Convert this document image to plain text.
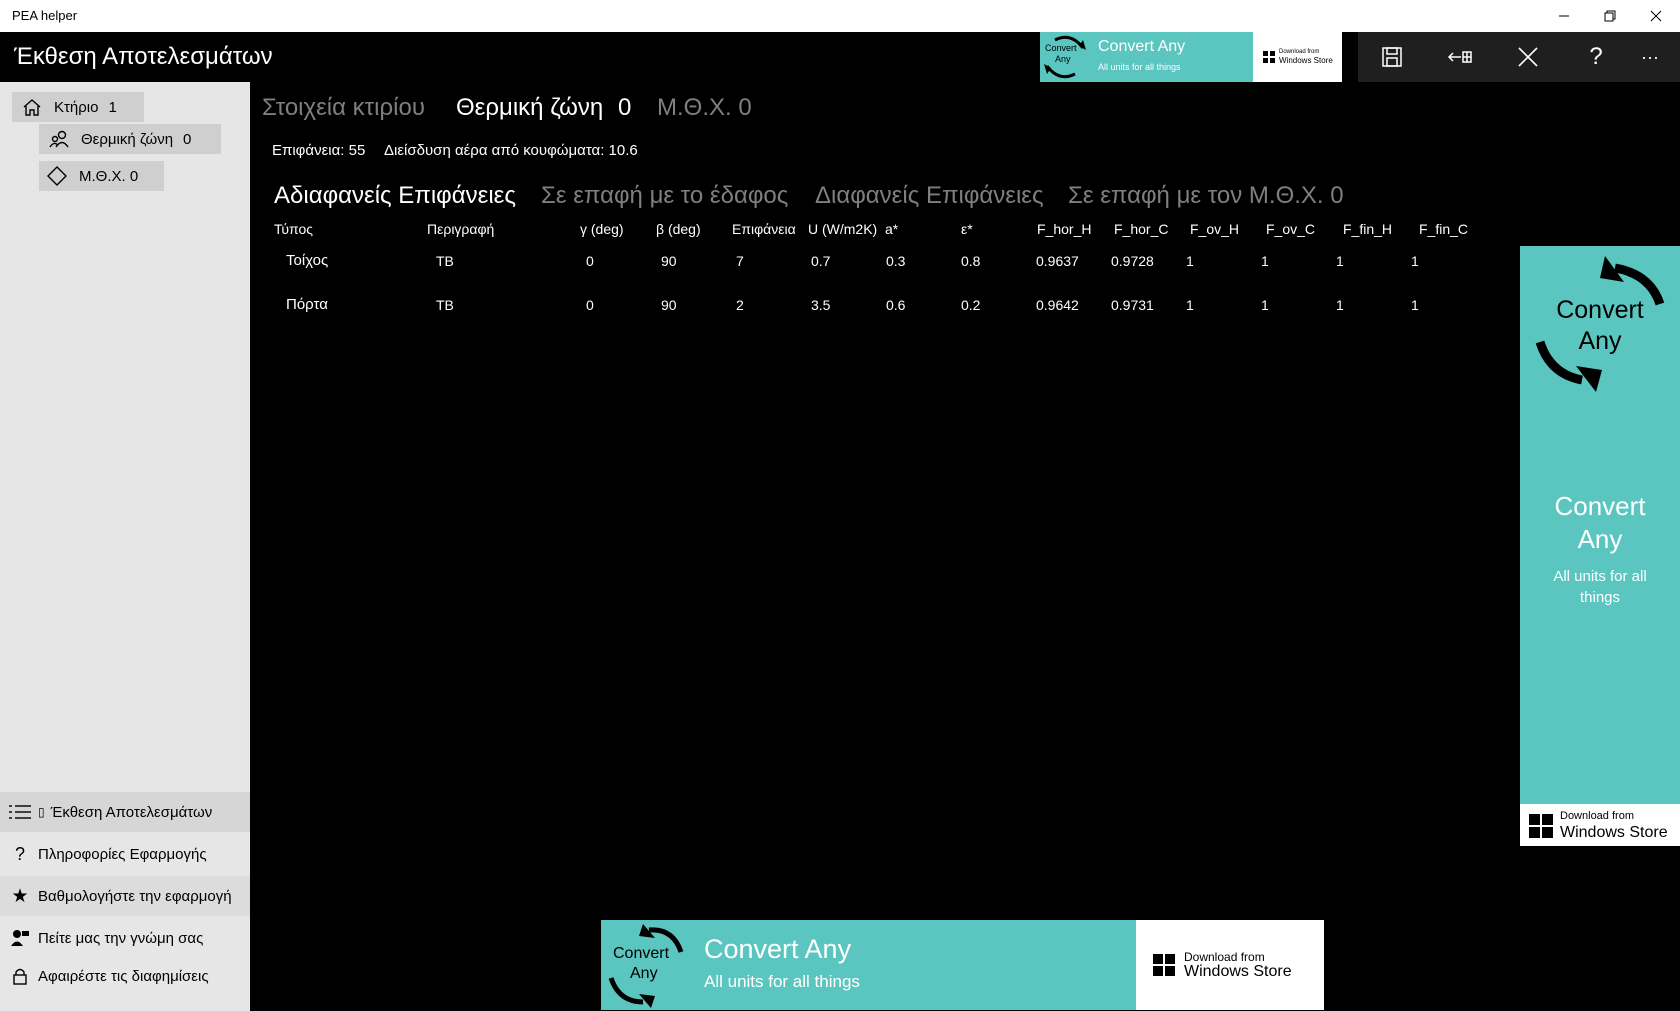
PEA helper
Έκθεση Αποτελεσμάτων	? ···
Convert
Any
Convert Any
All units for all things
Download from
Windows Store
Κτήριο 1
Θερμική ζώνη 0
Μ.Θ.Χ. 0
▯ Έκθεση Αποτελεσμάτων
? Πληροφορίες Εφαρμογής
★ Βαθμολογήστε την εφαρμογή
Πείτε μας την γνώμη σας
Αφαιρέστε τις διαφημίσεις
Στοιχεία κτιρίου Θερμική ζώνη 0 Μ.Θ.Χ. 0
Επιφάνεια: 55 Διείσδυση αέρα από κουφώματα: 10.6
Αδιαφανείς Επιφάνειες Σε επαφή με το έδαφος Διαφανείς Επιφάνειες Σε επαφή με τον Μ.Θ.Χ. 0
Τύπος	Περιγραφή	γ (deg) β (deg) Επιφάνεια U (W/m2K) a*	ε*	F_hor_H F_hor_C F_ov_H F_ov_C F_fin_H F_fin_C
Τοίχος	ΤΒ	0	90	7	0.7	0.3	0.8	0.9637 0.9728 1	1	1	1
Πόρτα	ΤΒ	0	90	2	3.5	0.6	0.2	0.9642 0.9731 1	1	1	1	Convert
Any
Convert
Any
All units for all
things
Download from
Windows Store
Convert
Any
Convert Any
All units for all things
Download from
Windows Store
